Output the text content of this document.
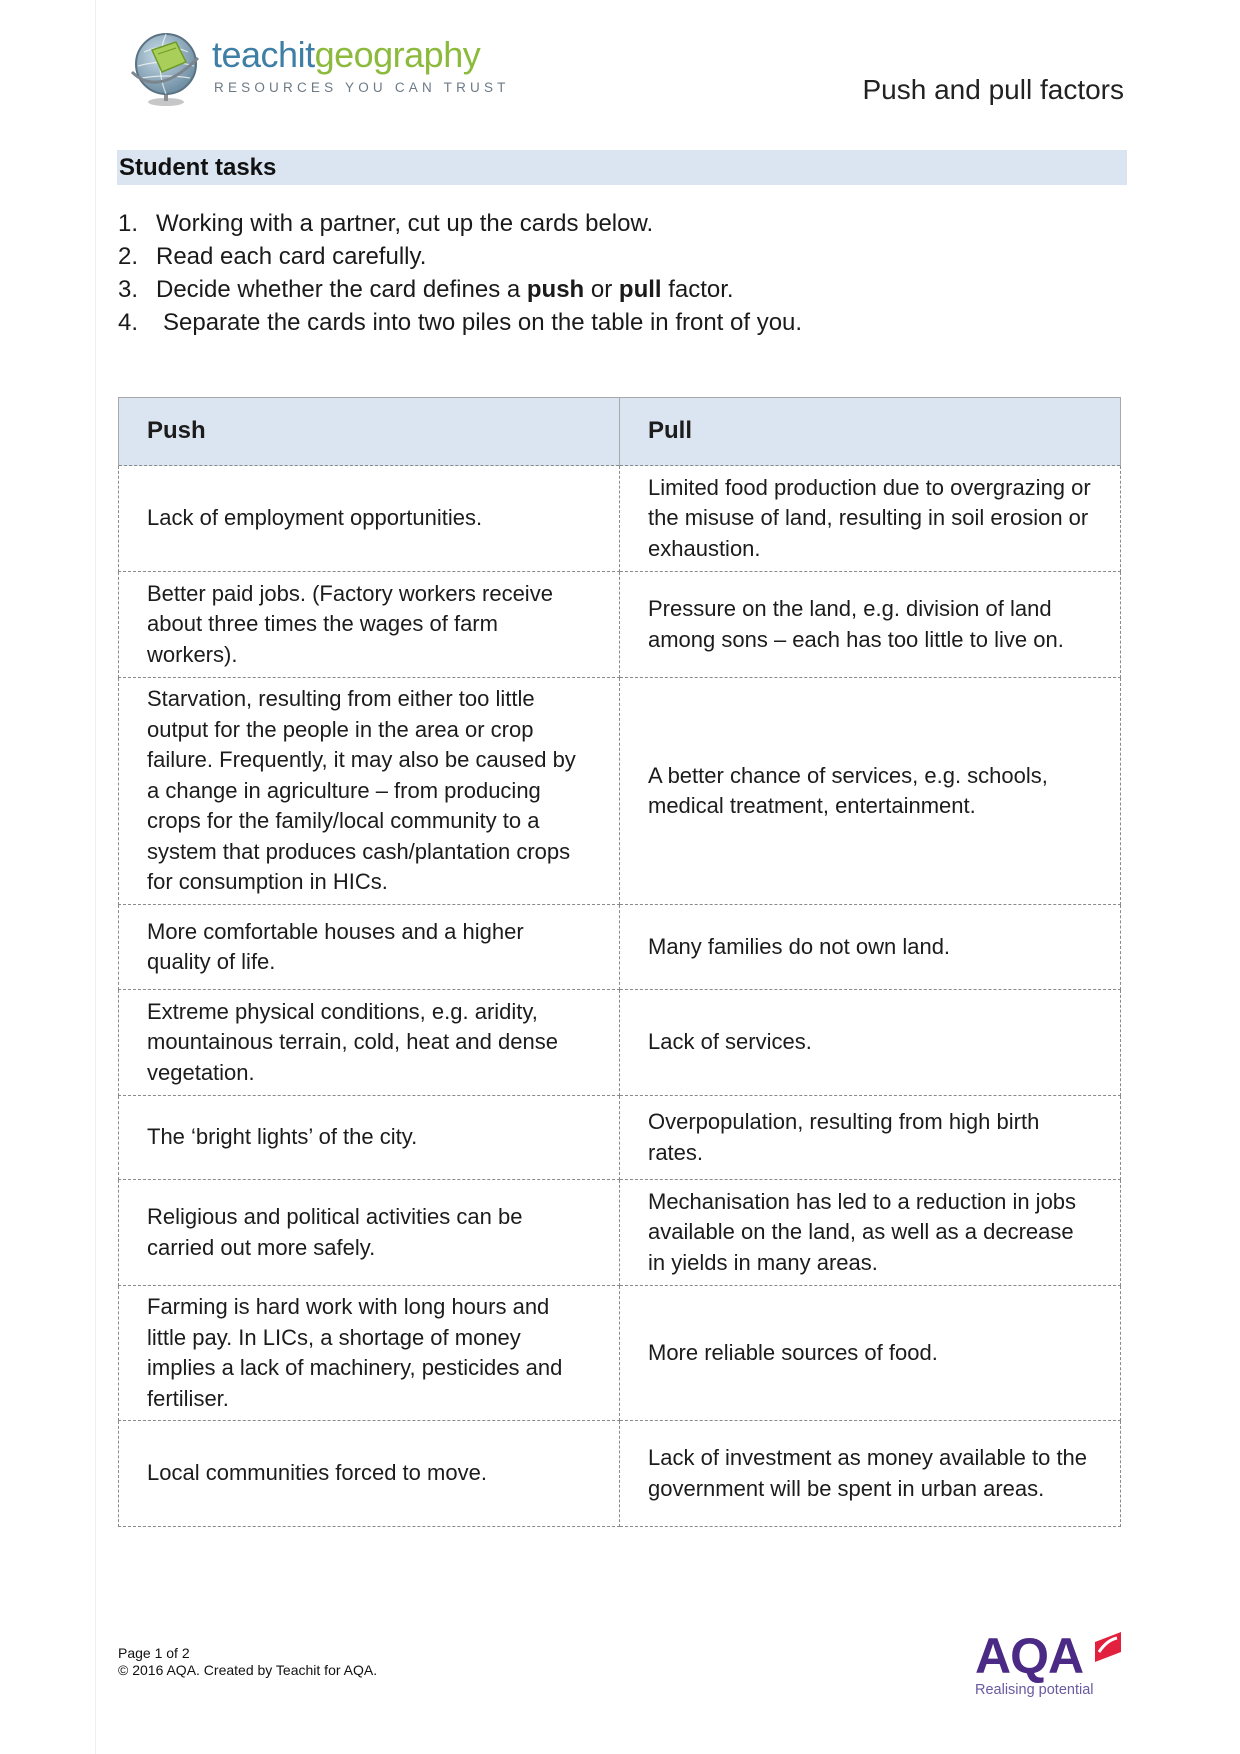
teachitgeography
RESOURCES YOU CAN TRUST	Push and pull factors
Student tasks
1. Working with a partner, cut up the cards below.
2. Read each card carefully.
3. Decide whether the card defines a push or pull factor.
4. Separate the cards into two piles on the table in front of you.
Push	Pull
Lack of employment opportunities.	Limited food production due to overgrazing or the misuse of land, resulting in soil erosion or exhaustion.
Better paid jobs. (Factory workers receive about three times the wages of farm workers).	Pressure on the land, e.g. division of land among sons – each has too little to live on.
Starvation, resulting from either too little output for the people in the area or crop failure. Frequently, it may also be caused by a change in agriculture – from producing crops for the family/local community to a system that produces cash/plantation crops for consumption in HICs.	A better chance of services, e.g. schools, medical treatment, entertainment.
More comfortable houses and a higher quality of life.	Many families do not own land.
Extreme physical conditions, e.g. aridity, mountainous terrain, cold, heat and dense vegetation.	Lack of services.
The ‘bright lights’ of the city.	Overpopulation, resulting from high birth rates.
Religious and political activities can be carried out more safely.	Mechanisation has led to a reduction in jobs available on the land, as well as a decrease in yields in many areas.
Farming is hard work with long hours and little pay. In LICs, a shortage of money implies a lack of machinery, pesticides and fertiliser.	More reliable sources of food.
Local communities forced to move.	Lack of investment as money available to the government will be spent in urban areas.
Page 1 of 2
© 2016 AQA. Created by Teachit for AQA.	AQA
Realising potential
